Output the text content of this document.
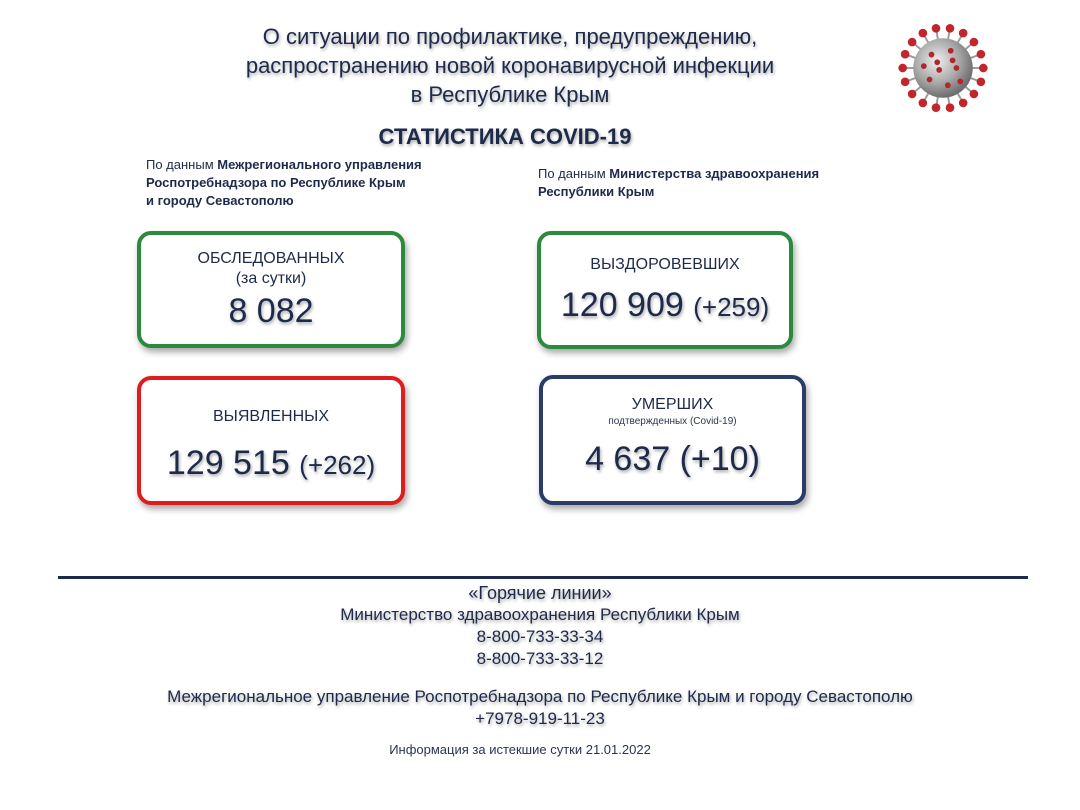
О ситуации по профилактике, предупреждению,
распространению новой коронавирусной инфекции
в Республике Крым
СТАТИСТИКА COVID-19
По данным Межрегионального управления
Роспотребнадзора по Республике Крым
и городу Севастополю
По данным Министерства здравоохранения
Республики Крым
ОБСЛЕДОВАННЫХ
(за сутки)
8 082
ВЫЗДОРОВЕВШИХ
120 909 (+259)
ВЫЯВЛЕННЫХ
129 515 (+262)
УМЕРШИХ
подтвержденных (Covid-19)
4 637 (+10)
«Горячие линии»
Министерство здравоохранения Республики Крым
8-800-733-33-34
8-800-733-33-12
Межрегиональное управление Роспотребнадзора по Республике Крым и городу Севастополю
+7978-919-11-23
Информация за истекшие сутки 21.01.2022
